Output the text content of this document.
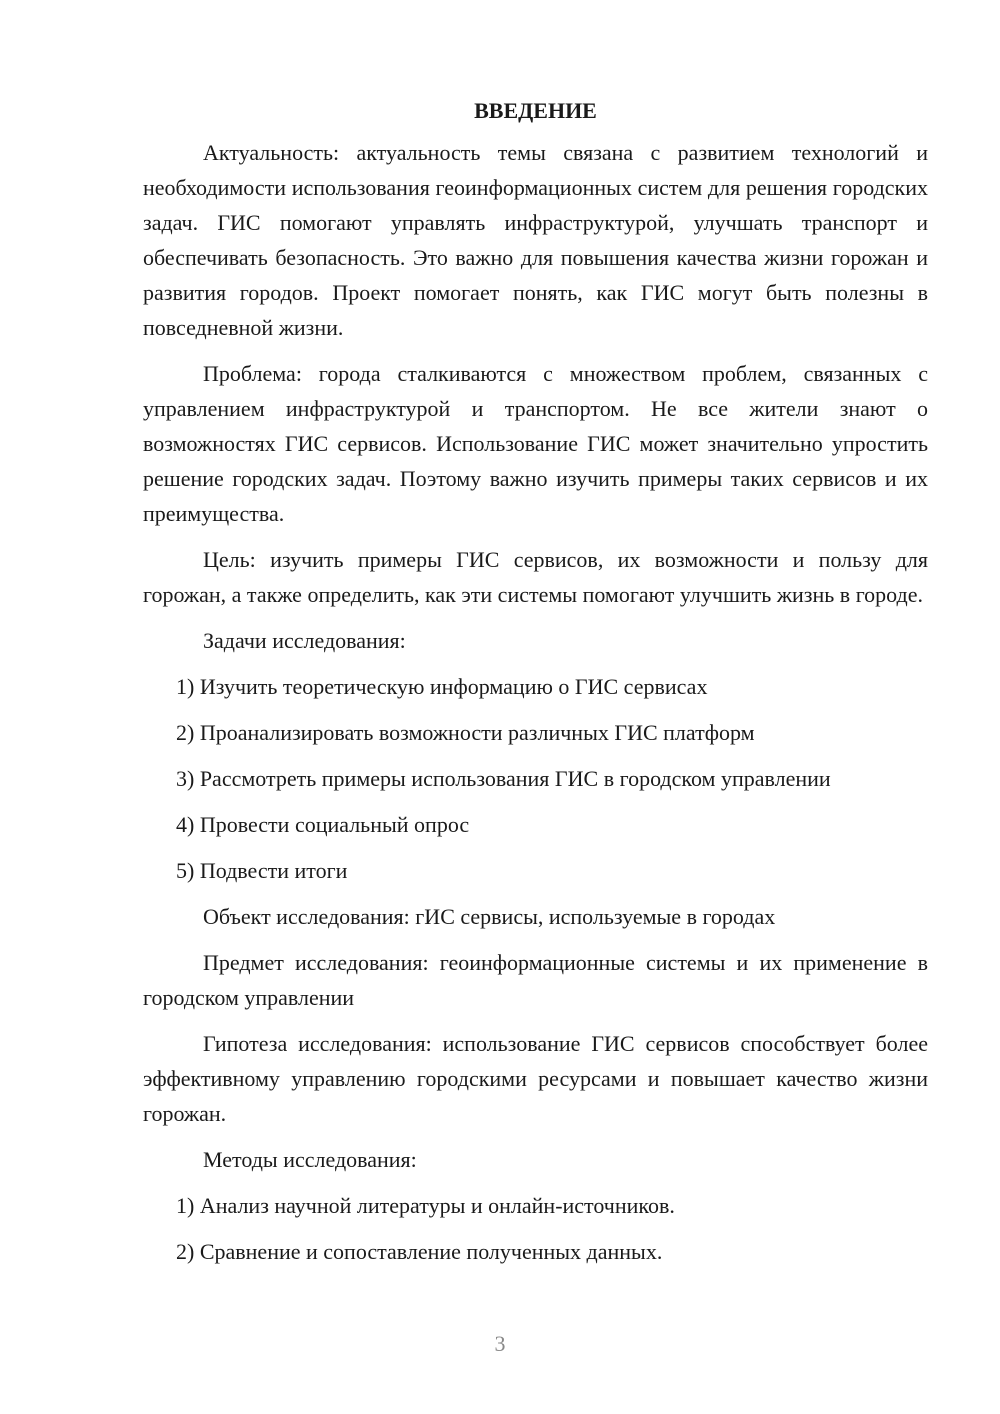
ВВЕДЕНИЕ

Актуальность: актуальность темы связана с развитием технологий и необходимости использования геоинформационных систем для решения городских задач. ГИС помогают управлять инфраструктурой, улучшать транспорт и обеспечивать безопасность. Это важно для повышения качества жизни горожан и развития городов. Проект помогает понять, как ГИС могут быть полезны в повседневной жизни.

Проблема: города сталкиваются с множеством проблем, связанных с управлением инфраструктурой и транспортом. Не все жители знают о возможностях ГИС сервисов. Использование ГИС может значительно упростить решение городских задач. Поэтому важно изучить примеры таких сервисов и их преимущества.

Цель: изучить примеры ГИС сервисов, их возможности и пользу для горожан, а также определить, как эти системы помогают улучшить жизнь в городе.

Задачи исследования:

1) Изучить теоретическую информацию о ГИС сервисах

2) Проанализировать возможности различных ГИС платформ

3) Рассмотреть примеры использования ГИС в городском управлении

4) Провести социальный опрос

5) Подвести итоги

Объект исследования: гИС сервисы, используемые в городах

Предмет исследования: геоинформационные системы и их применение в городском управлении

Гипотеза исследования: использование ГИС сервисов способствует более эффективному управлению городскими ресурсами и повышает качество жизни горожан.

Методы исследования:

1) Анализ научной литературы и онлайн-источников.

2) Сравнение и сопоставление полученных данных.

3
